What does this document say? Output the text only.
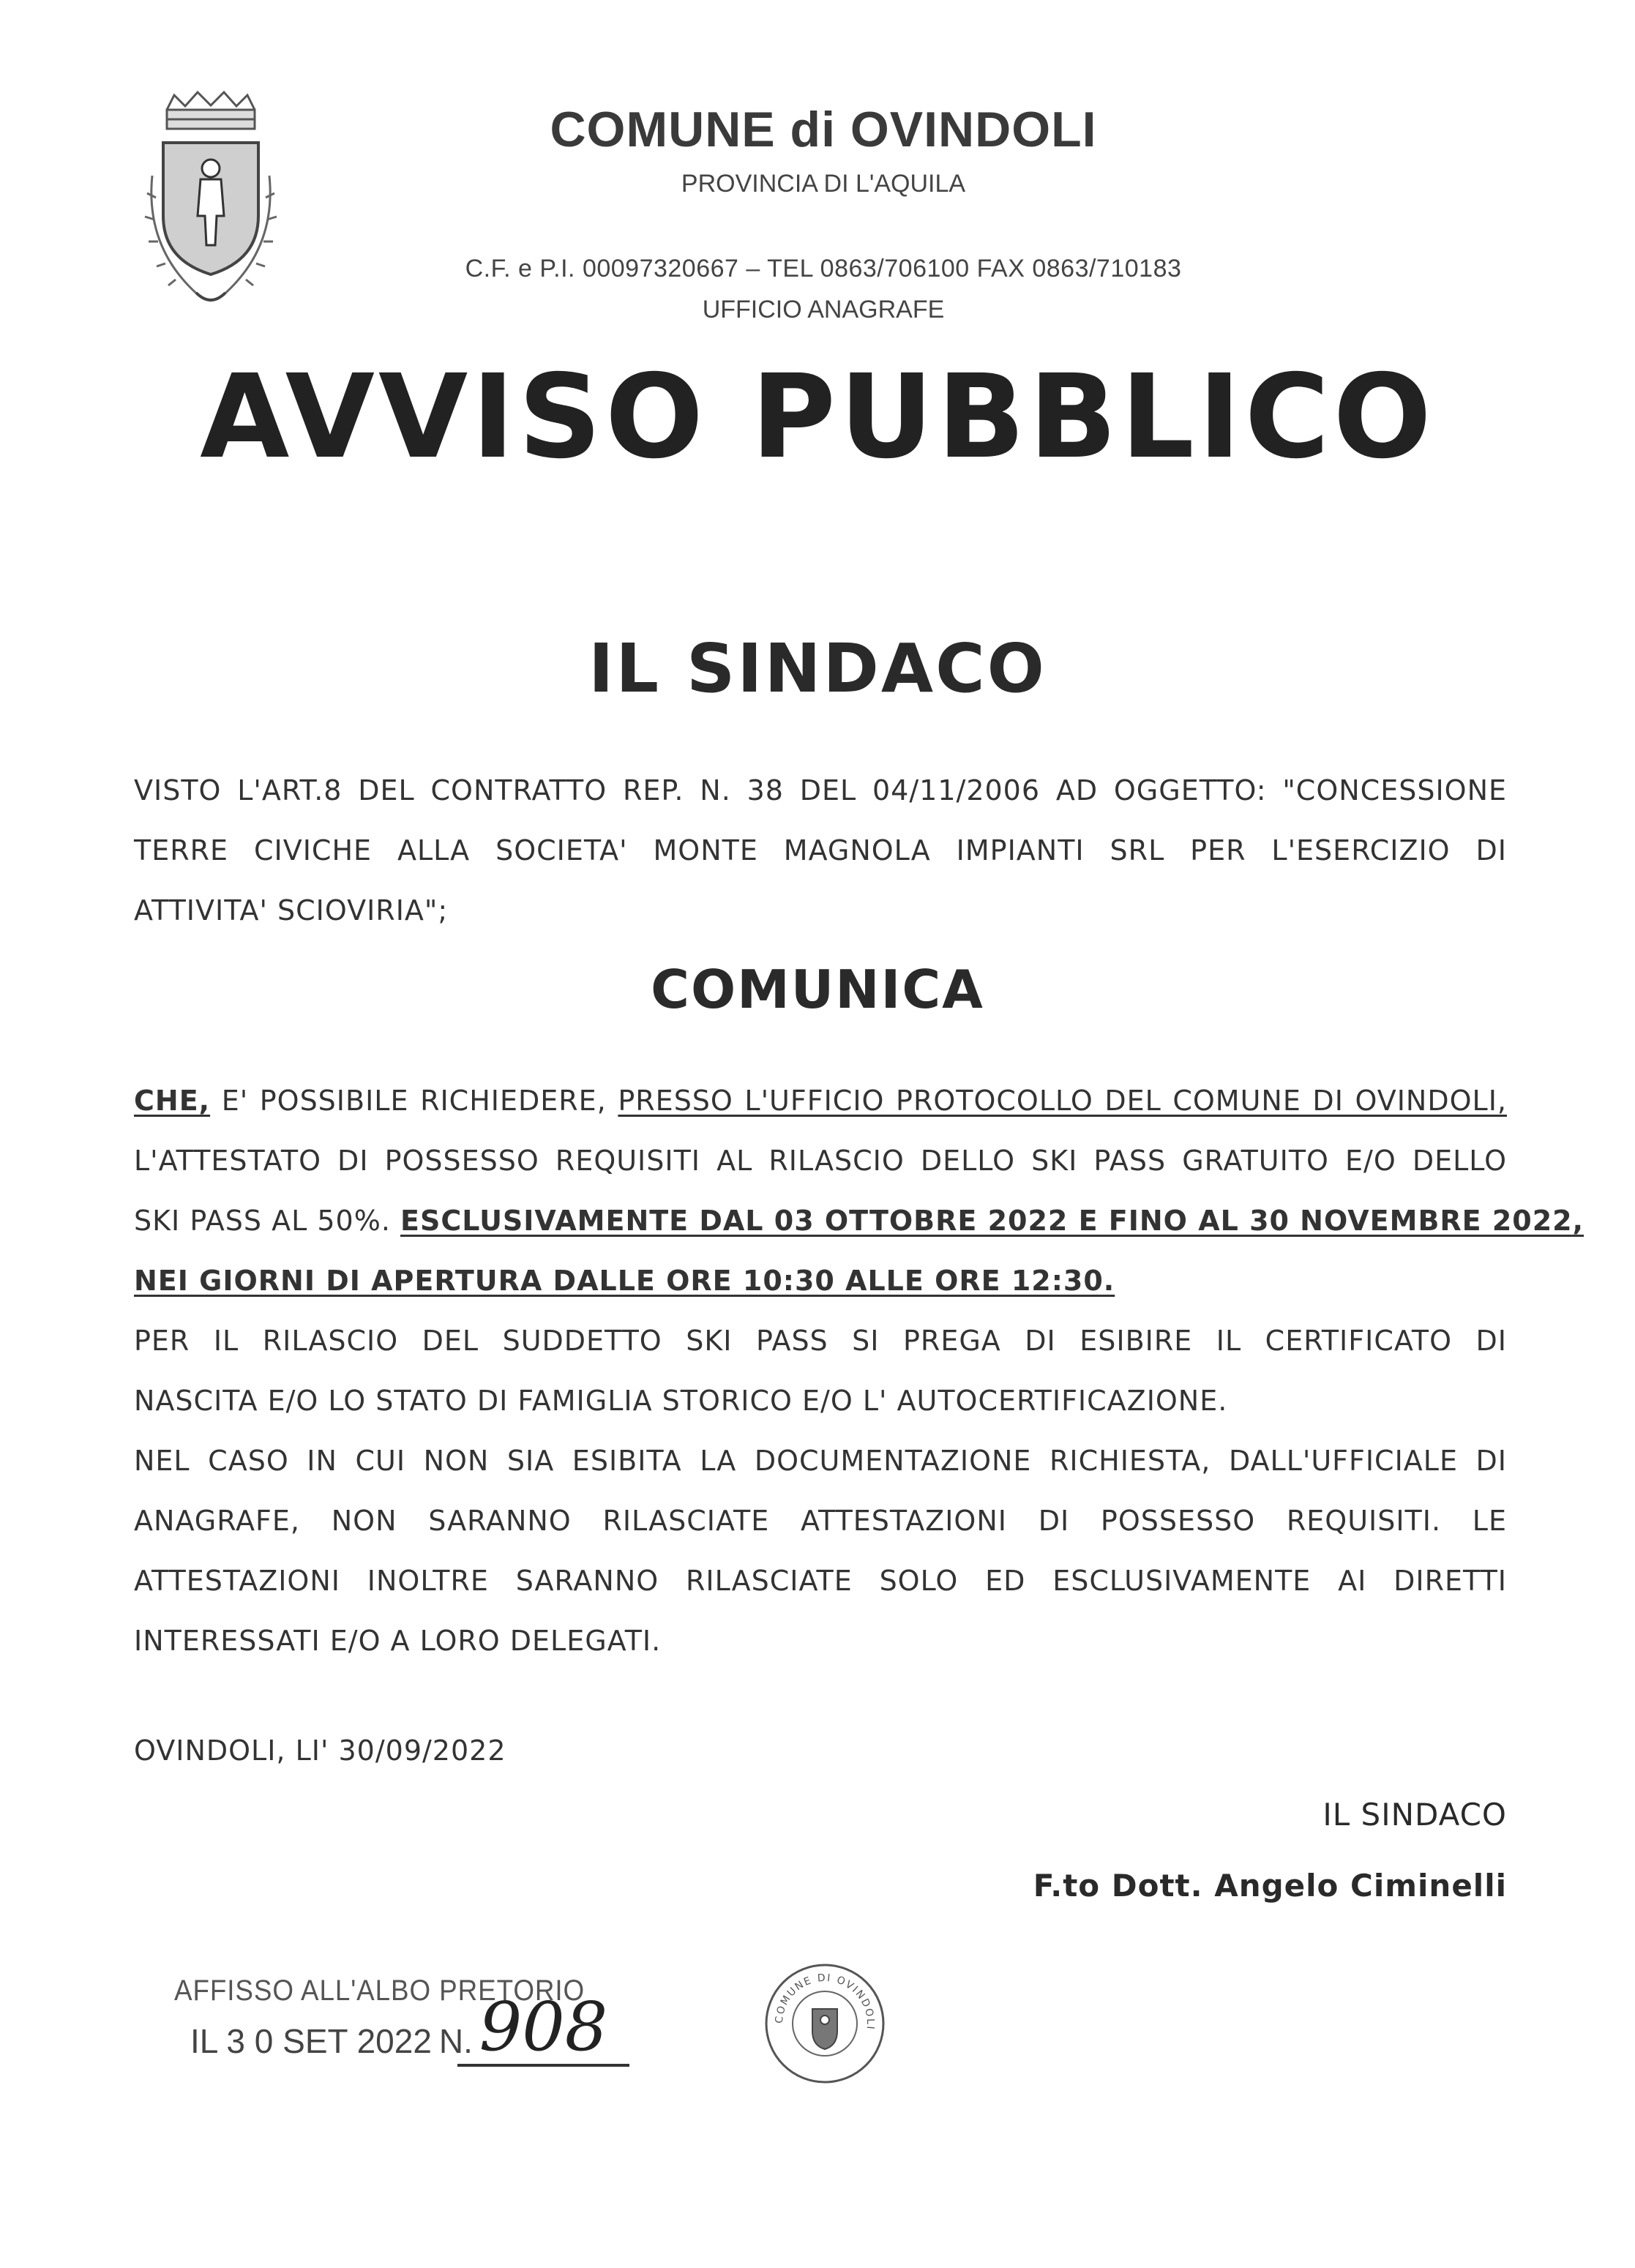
COMUNE di OVINDOLI
PROVINCIA DI L'AQUILA
C.F. e P.I. 00097320667 – TEL 0863/706100 FAX 0863/710183
UFFICIO ANAGRAFE
AVVISO PUBBLICO
IL SINDACO
VISTO L'ART.8 DEL CONTRATTO REP. N. 38 DEL 04/11/2006 AD OGGETTO: "CONCESSIONE
TERRE CIVICHE ALLA SOCIETA' MONTE MAGNOLA IMPIANTI SRL PER L'ESERCIZIO DI
ATTIVITA' SCIOVIRIA";
COMUNICA
CHE, E' POSSIBILE RICHIEDERE, PRESSO L'UFFICIO PROTOCOLLO DEL COMUNE DI OVINDOLI,
L'ATTESTATO DI POSSESSO REQUISITI AL RILASCIO DELLO SKI PASS GRATUITO E/O DELLO
SKI PASS AL 50%. ESCLUSIVAMENTE DAL 03 OTTOBRE 2022 E FINO AL 30 NOVEMBRE 2022,
NEI GIORNI DI APERTURA DALLE ORE 10:30 ALLE ORE 12:30.
PER IL RILASCIO DEL SUDDETTO SKI PASS SI PREGA DI ESIBIRE IL CERTIFICATO DI
NASCITA E/O LO STATO DI FAMIGLIA STORICO E/O L' AUTOCERTIFICAZIONE.
NEL CASO IN CUI NON SIA ESIBITA LA DOCUMENTAZIONE RICHIESTA, DALL'UFFICIALE DI
ANAGRAFE, NON SARANNO RILASCIATE ATTESTAZIONI DI POSSESSO REQUISITI. LE
ATTESTAZIONI INOLTRE SARANNO RILASCIATE SOLO ED ESCLUSIVAMENTE AI DIRETTI
INTERESSATI E/O A LORO DELEGATI.
OVINDOLI, LI' 30/09/2022
IL SINDACO
F.to Dott. Angelo Ciminelli
AFFISSO ALL'ALBO PRETORIO
IL 3 0 SET 2022 N. 908	COMUNE DI OVINDOLI
